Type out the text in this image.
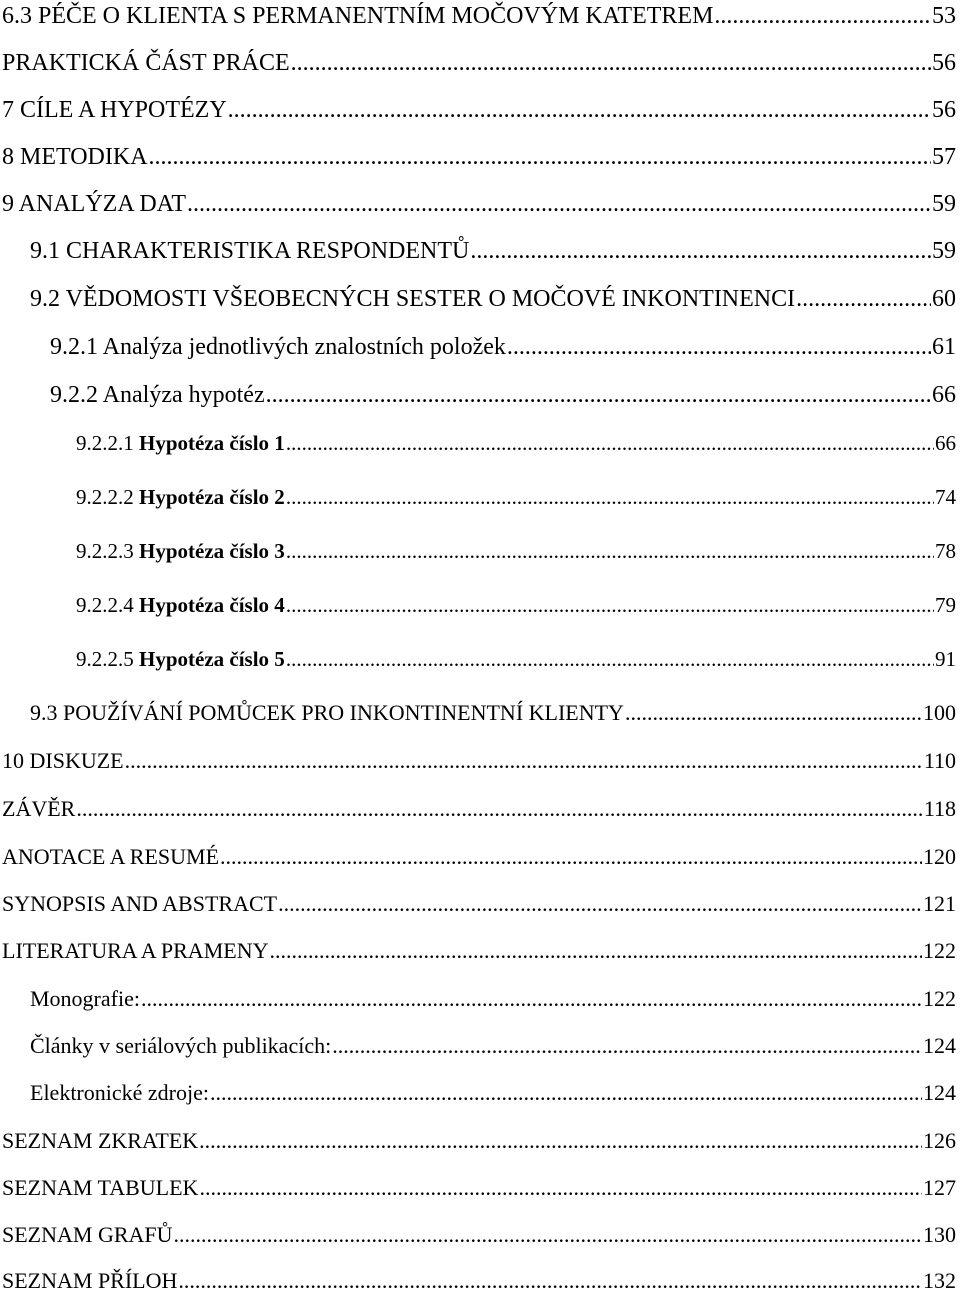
6.3 PÉČE O KLIENTA S PERMANENTNÍM MOČOVÝM KATETREM .....	53
PRAKTICKÁ ČÁST PRÁCE .....	56
7 CÍLE A HYPOTÉZY .....	56
8 METODIKA .....	57
9 ANALÝZA DAT .....	59
9.1 CHARAKTERISTIKA RESPONDENTŮ .....	59
9.2 VĚDOMOSTI VŠEOBECNÝCH SESTER O MOČOVÉ INKONTINENCI .....	60
9.2.1 Analýza jednotlivých znalostních položek .....	61
9.2.2 Analýza hypotéz .....	66
9.2.2.1 Hypotéza číslo 1 .....	66
9.2.2.2 Hypotéza číslo 2 .....	74
9.2.2.3 Hypotéza číslo 3 .....	78
9.2.2.4 Hypotéza číslo 4 .....	79
9.2.2.5 Hypotéza číslo 5 .....	91
9.3 POUŽÍVÁNÍ POMŮCEK PRO INKONTINENTNÍ KLIENTY .....	100
10 DISKUZE .....	110
ZÁVĚR .....	118
ANOTACE A RESUMÉ .....	120
SYNOPSIS AND ABSTRACT .....	121
LITERATURA A PRAMENY .....	122
Monografie: .....	122
Články v seriálových publikacích: .....	124
Elektronické zdroje: .....	124
SEZNAM ZKRATEK .....	126
SEZNAM TABULEK .....	127
SEZNAM GRAFŮ .....	130
SEZNAM PŘÍLOH .....	132
